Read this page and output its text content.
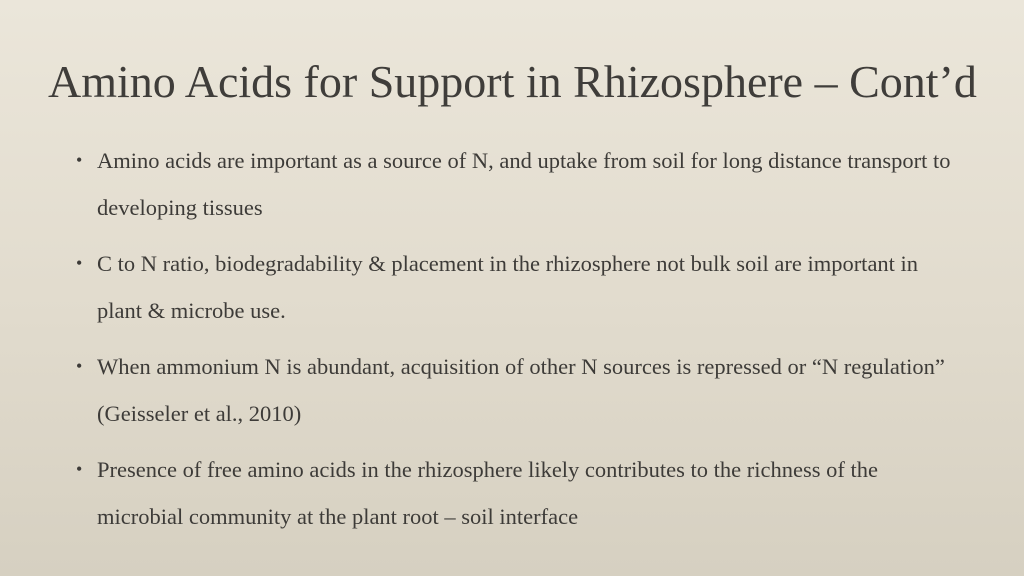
Amino Acids for Support in Rhizosphere – Cont’d
• Amino acids are important as a source of N, and uptake from soil for long distance transport to developing tissues
• C to N ratio, biodegradability & placement in the rhizosphere not bulk soil are important in plant & microbe use.
• When ammonium N is abundant, acquisition of other N sources is repressed or “N regulation” (Geisseler et al., 2010)
• Presence of free amino acids in the rhizosphere likely contributes to the richness of the microbial community at the plant root – soil interface
